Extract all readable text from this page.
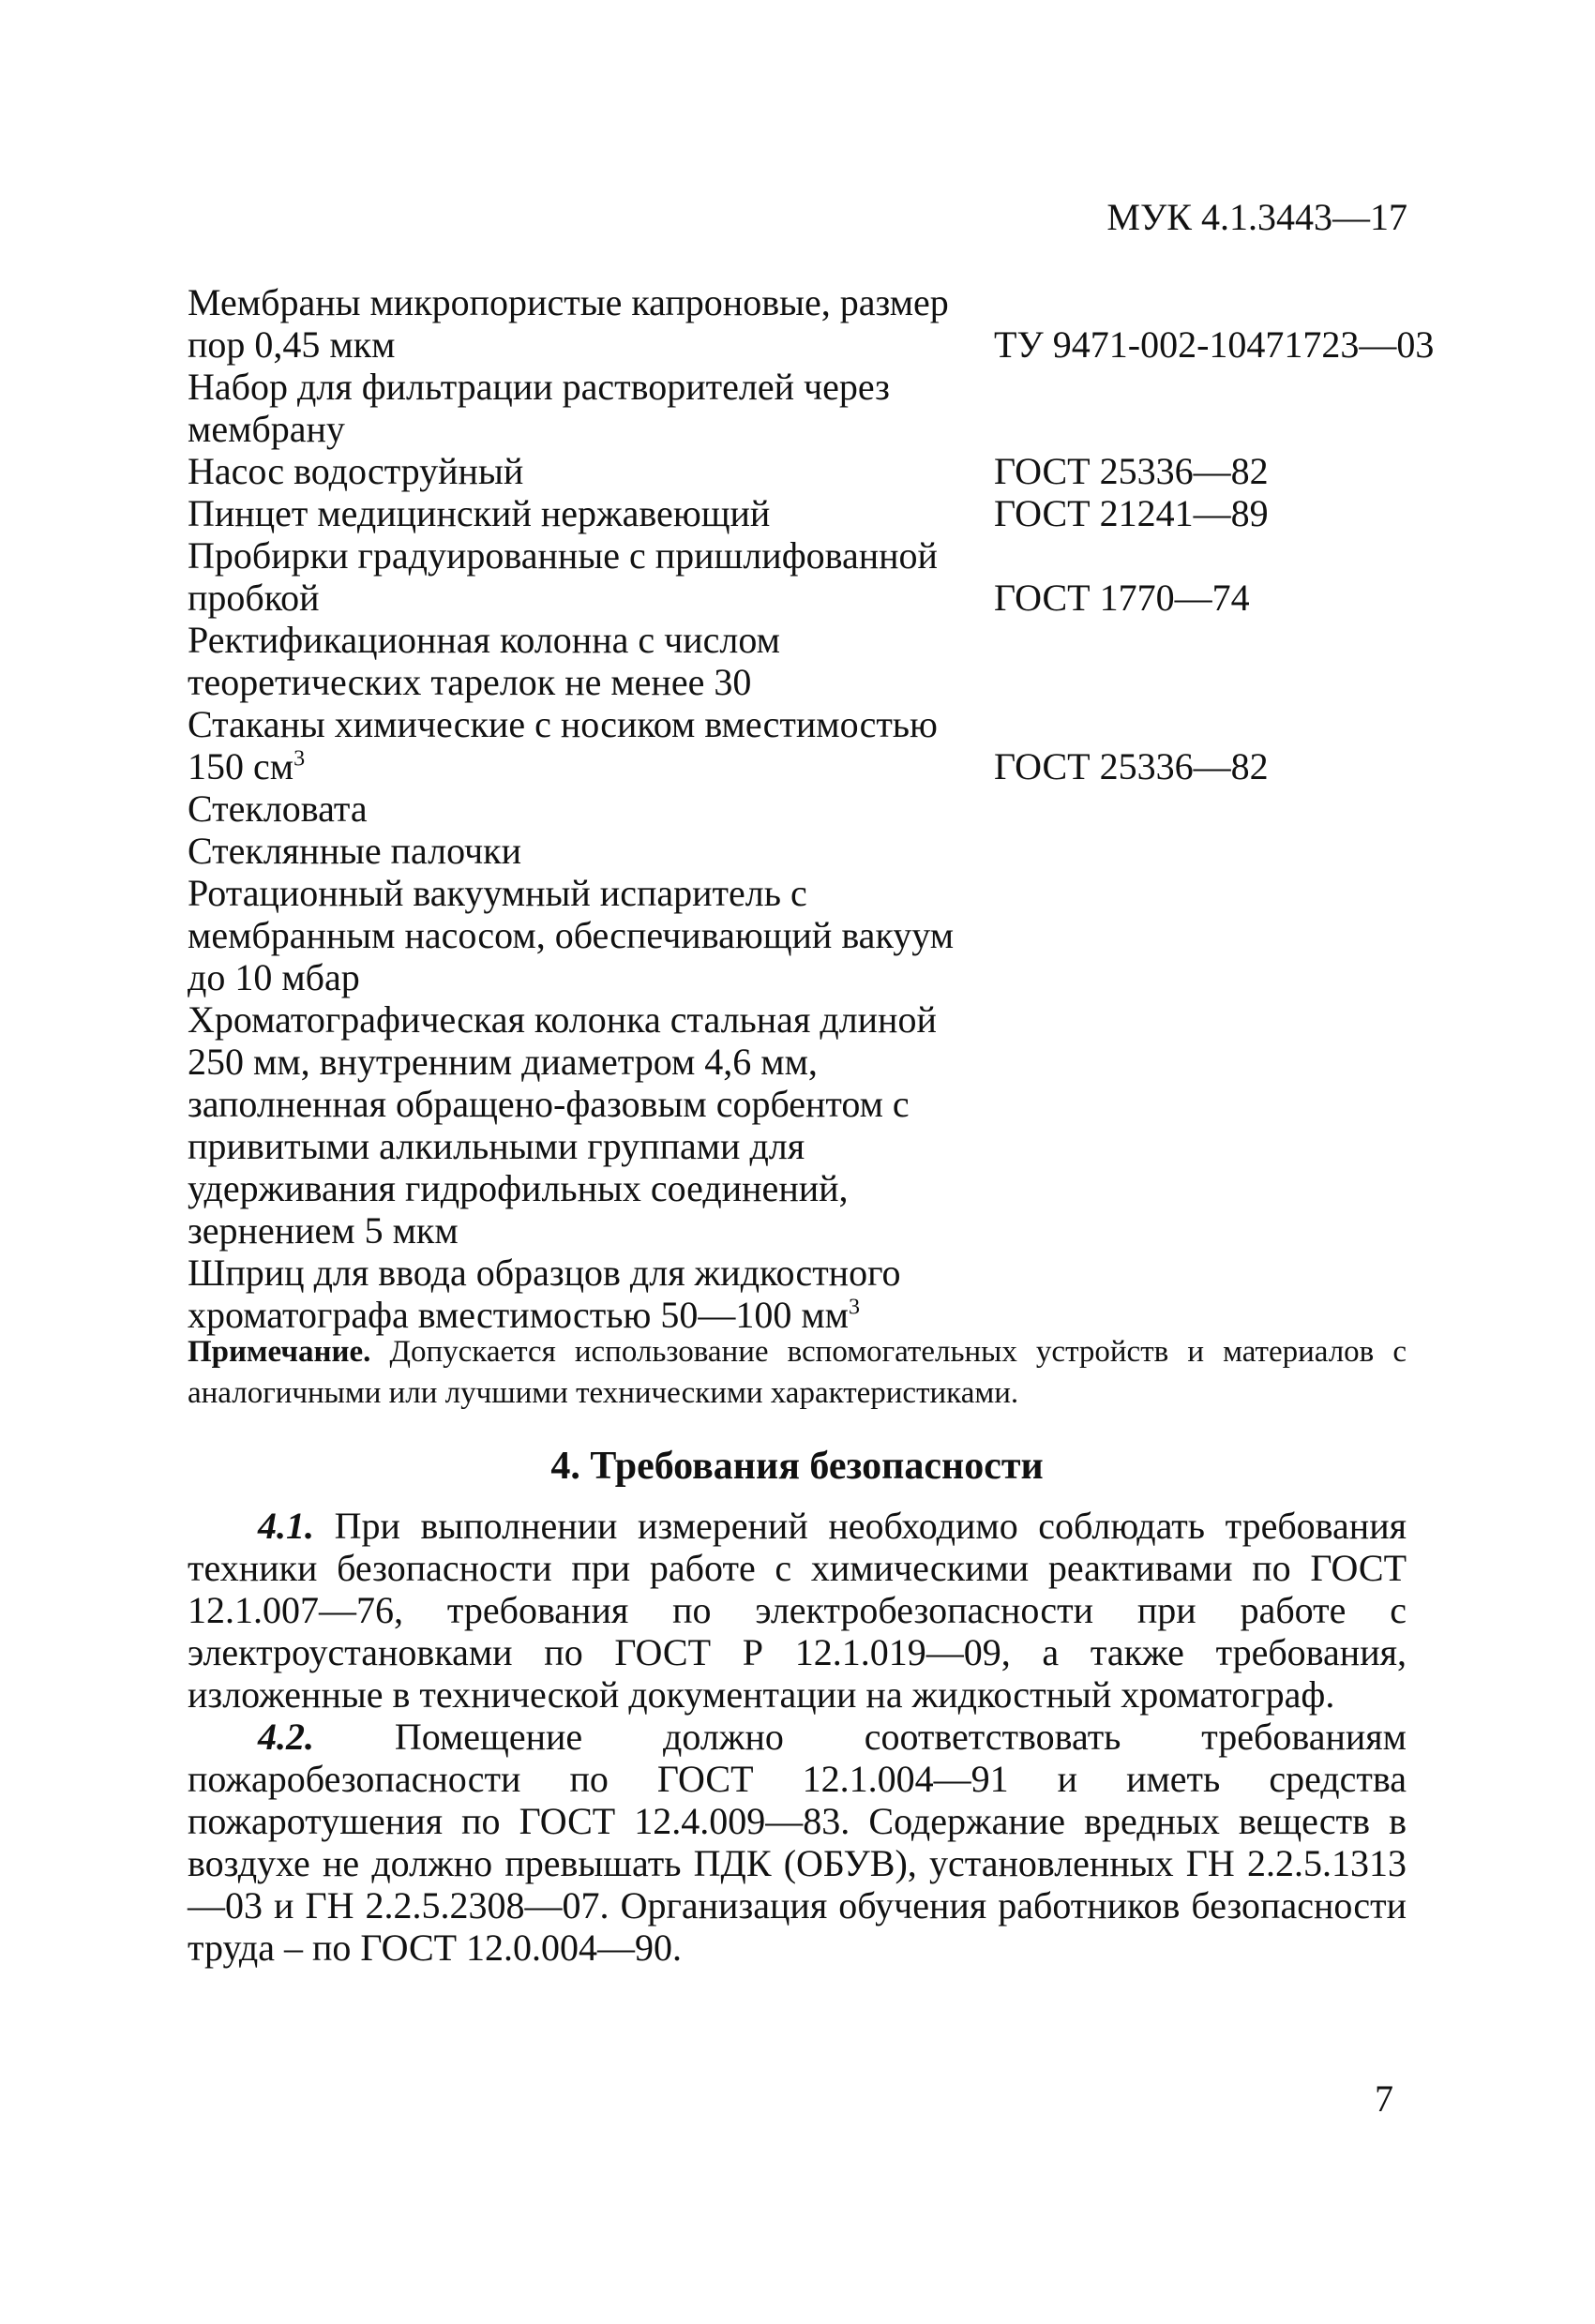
МУК 4.1.3443—17
Мембраны микропористые капроновые, размер пор 0,45 мкм	ТУ 9471-002-10471723—03
Набор для фильтрации растворителей через мембрану
Насос водоструйный	ГОСТ 25336—82
Пинцет медицинский нержавеющий	ГОСТ 21241—89
Пробирки градуированные с пришлифованной пробкой	ГОСТ 1770—74
Ректификационная колонна с числом теоретических тарелок не менее 30
Стаканы химические с носиком вместимостью 150 $см^3$	ГОСТ 25336—82
Стекловата
Стеклянные палочки
Ротационный вакуумный испаритель с мембранным насосом, обеспечивающий вакуум до 10 мбар
Хроматографическая колонка стальная длиной 250 мм, внутренним диаметром 4,6 мм, заполненная обращено-фазовым сорбентом с привитыми алкильными группами для удерживания гидрофильных соединений, зернением 5 мкм
Шприц для ввода образцов для жидкостного хроматографа вместимостью 50—100 $мм^3$
Примечание. Допускается использование вспомогательных устройств и материалов с аналогичными или лучшими техническими характеристиками.
4. Требования безопасности
4.1. При выполнении измерений необходимо соблюдать требования техники безопасности при работе с химическими реактивами по ГОСТ 12.1.007—76, требования по электробезопасности при работе с электроустановками по ГОСТ Р 12.1.019—09, а также требования, изложенные в технической документации на жидкостный хроматограф.
4.2. Помещение должно соответствовать требованиям пожаробезопасности по ГОСТ 12.1.004—91 и иметь средства пожаротушения по ГОСТ 12.4.009—83. Содержание вредных веществ в воздухе не должно превышать ПДК (ОБУВ), установленных ГН 2.2.5.1313—03 и ГН 2.2.5.2308—07. Организация обучения работников безопасности труда – по ГОСТ 12.0.004—90.
7
